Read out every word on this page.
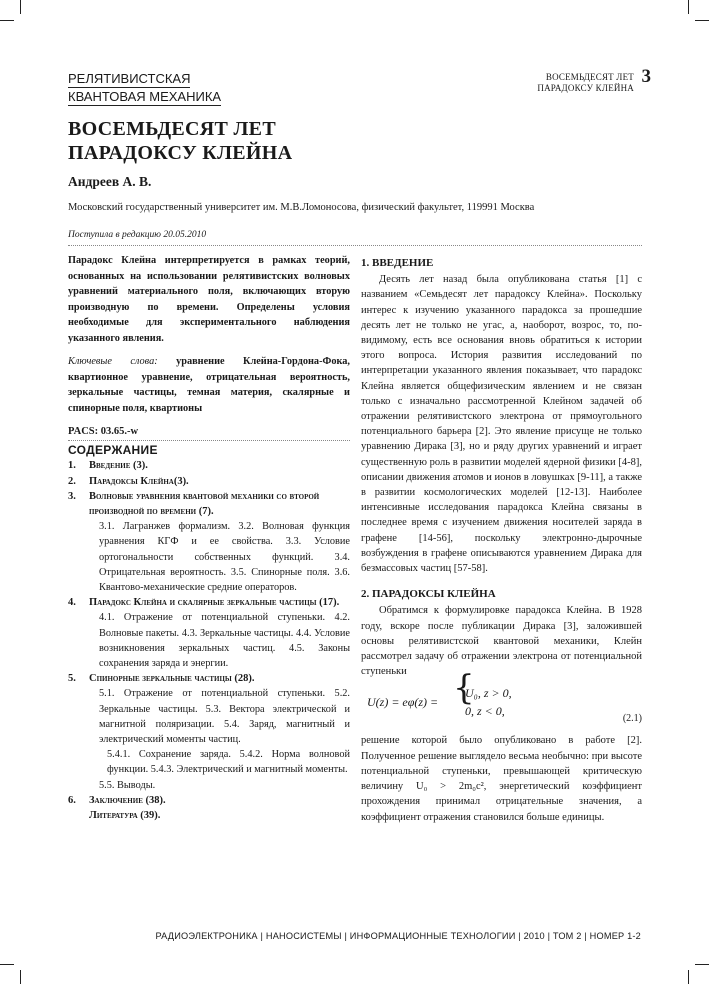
РЕЛЯТИВИСТСКАЯ
КВАНТОВАЯ МЕХАНИКА
ВОСЕМЬДЕСЯТ ЛЕТ
ПАРАДОКСУ КЛЕЙНА
3
ВОСЕМЬДЕСЯТ ЛЕТ
ПАРАДОКСУ КЛЕЙНА
Андреев А. В.
Московский государственный университет им. М.В.Ломоносова, физический факультет, 119991 Москва
Поступила в редакцию 20.05.2010
Парадокс Клейна интерпретируется в рамках теорий, основанных на использовании релятивистских волновых уравнений материального поля, включающих вторую производную по времени. Определены условия необходимые для экспериментального наблюдения указанного явления.
Ключевые слова: уравнение Клейна-Гордона-Фока, квартионное уравнение, отрицательная вероятность, зеркальные частицы, темная материя, скалярные и спинорные поля, квартионы
PACS: 03.65.-w
СОДЕРЖАНИЕ
1.	Введение (3).
2.	Парадоксы Клейна(3).
3.	Волновые уравнения квантовой механики со второй производной по времени (7).
3.1. Лагранжев формализм. 3.2. Волновая функция уравнения КГФ и ее свойства. 3.3. Условие ортогональности собственных функций. 3.4. Отрицательная вероятность. 3.5. Спинорные поля. 3.6. Квантово-механические средние операторов.
4.	Парадокс Клейна и скалярные зеркальные частицы (17).
4.1. Отражение от потенциальной ступеньки. 4.2. Волновые пакеты. 4.3. Зеркальные частицы. 4.4. Условие возникновения зеркальных частиц. 4.5. Законы сохранения заряда и энергии.
5.	Спинорные зеркальные частицы (28).
5.1. Отражение от потенциальной ступеньки. 5.2. Зеркальные частицы. 5.3. Вектора электрической и магнитной поляризации. 5.4. Заряд, магнитный и электрический моменты частиц.
5.4.1. Сохранение заряда. 5.4.2. Норма волновой функции. 5.4.3. Электрический и магнитный моменты.
5.5. Выводы.
6.	Заключение (38).
Литература (39).
1. ВВЕДЕНИЕ

Десять лет назад была опубликована статья [1] с названием «Семьдесят лет парадоксу Клейна». Поскольку интерес к изучению указанного парадокса за прошедшие десять лет не только не угас, а, наоборот, возрос, то, по-видимому, есть все основания вновь обратиться к истории этого вопроса. История развития исследований по интерпретации указанного явления показывает, что парадокс Клейна является общефизическим явлением и не связан только с изначально рассмотренной Клейном задачей об отражении релятивистского электрона от прямоугольного потенциального барьера [2]. Это явление присуще не только уравнению Дирака [3], но и ряду других уравнений и играет существенную роль в развитии моделей ядерной физики [4-8], описании движения атомов и ионов в ловушках [9-11], а также в развитии космологических моделей [12-13]. Наиболее интенсивные исследования парадокса Клейна связаны в последнее время с изучением движения носителей заряда в графене [14-56], поскольку электронно-дырочные возбуждения в графене описываются уравнением Дирака для безмассовых частиц [57-58].

2. ПАРАДОКСЫ КЛЕЙНА

Обратимся к формулировке парадокса Клейна. В 1928 году, вскоре после публикации Дирака [3], заложившей основы релятивистской квантовой механики, Клейн рассмотрел задачу об отражении электрона от потенциальной ступеньки

U(z) = eφ(z) = {
U₀, z > 0,
0, z < 0,
(2.1)

решение которой было опубликовано в работе [2]. Полученное решение выглядело весьма необычно: при высоте потенциальной ступеньки, превышающей критическую величину U₀ > 2m₀c², энергетический коэффициент прохождения принимал отрицательные значения, а коэффициент отражения становился больше единицы.

РАДИОЭЛЕКТРОНИКА | НАНОСИСТЕМЫ | ИНФОРМАЦИОННЫЕ ТЕХНОЛОГИИ | 2010 | ТОМ 2 | НОМЕР 1-2
